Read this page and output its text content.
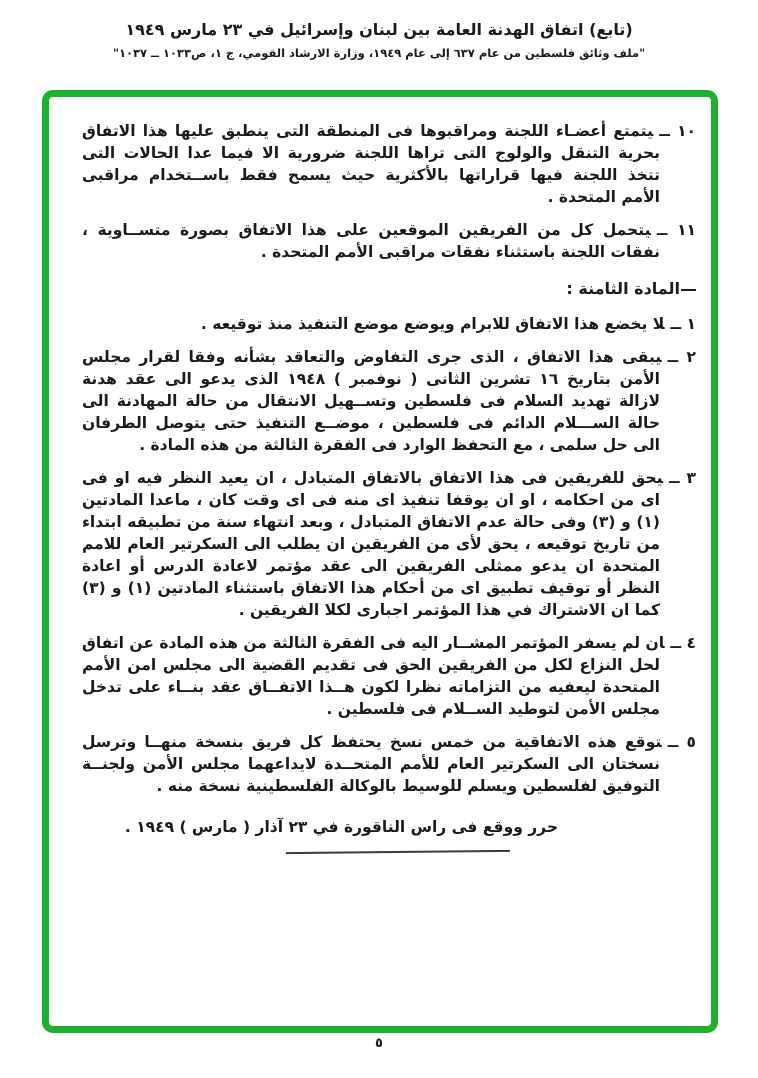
(تابع) اتفاق الهدنة العامة بين لبنان وإسرائيل في ٢٣ مارس ١٩٤٩
"ملف وثائق فلسطين من عام ٦٣٧ إلى عام ١٩٤٩، وزارة الارشاد القومي، ج ١، ص١٠٣٣ ــ ١٠٣٧"

١٠ ــيتمتع أعضـاء اللجنة ومراقبوها فى المنطقة التى ينطبق عليها هذا الاتفاق بحرية التنقل والولوج التى تراها اللجنة ضرورية الا فيما عدا الحالات التى تتخذ اللجنة فيها قراراتها بالأكثرية حيث يسمح فقط باســتخدام مراقبى الأمم المتحدة .

١١ ــيتحمل كل من الفريقين الموقعين على هذا الاتفاق بصورة متســاوية ، نفقات اللجنة باستثناء نفقات مراقبى الأمم المتحدة .

المادة الثامنة :

١ ــلا يخضع هذا الاتفاق للابرام ويوضع موضع التنفيذ منذ توقيعه .

٢ ــيبقى هذا الاتفاق ، الذى جرى التفاوض والتعاقد بشأنه وفقا لقرار مجلس الأمن بتاريخ ١٦ تشرين الثانى ( نوفمبر ) ١٩٤٨ الذى يدعو الى عقد هدنة لازالة تهديد السلام فى فلسطين وتســهيل الانتقال من حالة المهادنة الى حالة الســـلام الدائم فى فلسطين ، موضــع التنفيذ حتى يتوصل الطرفان الى حل سلمى ، مع التحفظ الوارد فى الفقرة الثالثة من هذه المادة .

٣ ــيحق للفريقين فى هذا الاتفاق بالاتفاق المتبادل ، ان يعيد النظر فيه او فى اى من احكامه ، او ان يوقفا تنفيذ اى منه فى اى وقت كان ، ماعدا المادتين (١) و (٣) وفى حالة عدم الاتفاق المتبادل ، وبعد انتهاء سنة من تطبيقه ابتداء من تاريخ توقيعه ، يحق لأى من الفريقين ان يطلب الى السكرتير العام للامم المتحدة ان يدعو ممثلى الفريقين الى عقد مؤتمر لاعادة الدرس أو اعادة النظر أو توقيف تطبيق اى من أحكام هذا الاتفاق باستثناء المادتين (١) و (٣) كما ان الاشتراك في هذا المؤتمر اجبارى لكلا الفريقين .

٤ ــان لم يسفر المؤتمر المشــار اليه فى الفقرة الثالثة من هذه المادة عن اتفاق لحل النزاع لكل من الفريقين الحق فى تقديم القضية الى مجلس امن الأمم المتحدة ليعفيه من التزاماته نظرا لكون هــذا الاتفــاق عقد بنــاء على تدخل مجلس الأمن لتوطيد الســلام فى فلسطين .

٥ ــتوقع هذه الاتفاقية من خمس نسخ يحتفظ كل فريق بنسخة منهــا وترسل نسختان الى السكرتير العام للأمم المتحــدة لايداعهما مجلس الأمن ولجنــة التوفيق لفلسطين ويسلم للوسيط بالوكالة الفلسطينية نسخة منه .

حرر ووقع فى راس الناقورة في ٢٣ آذار ( مارس ) ١٩٤٩ .
٥
